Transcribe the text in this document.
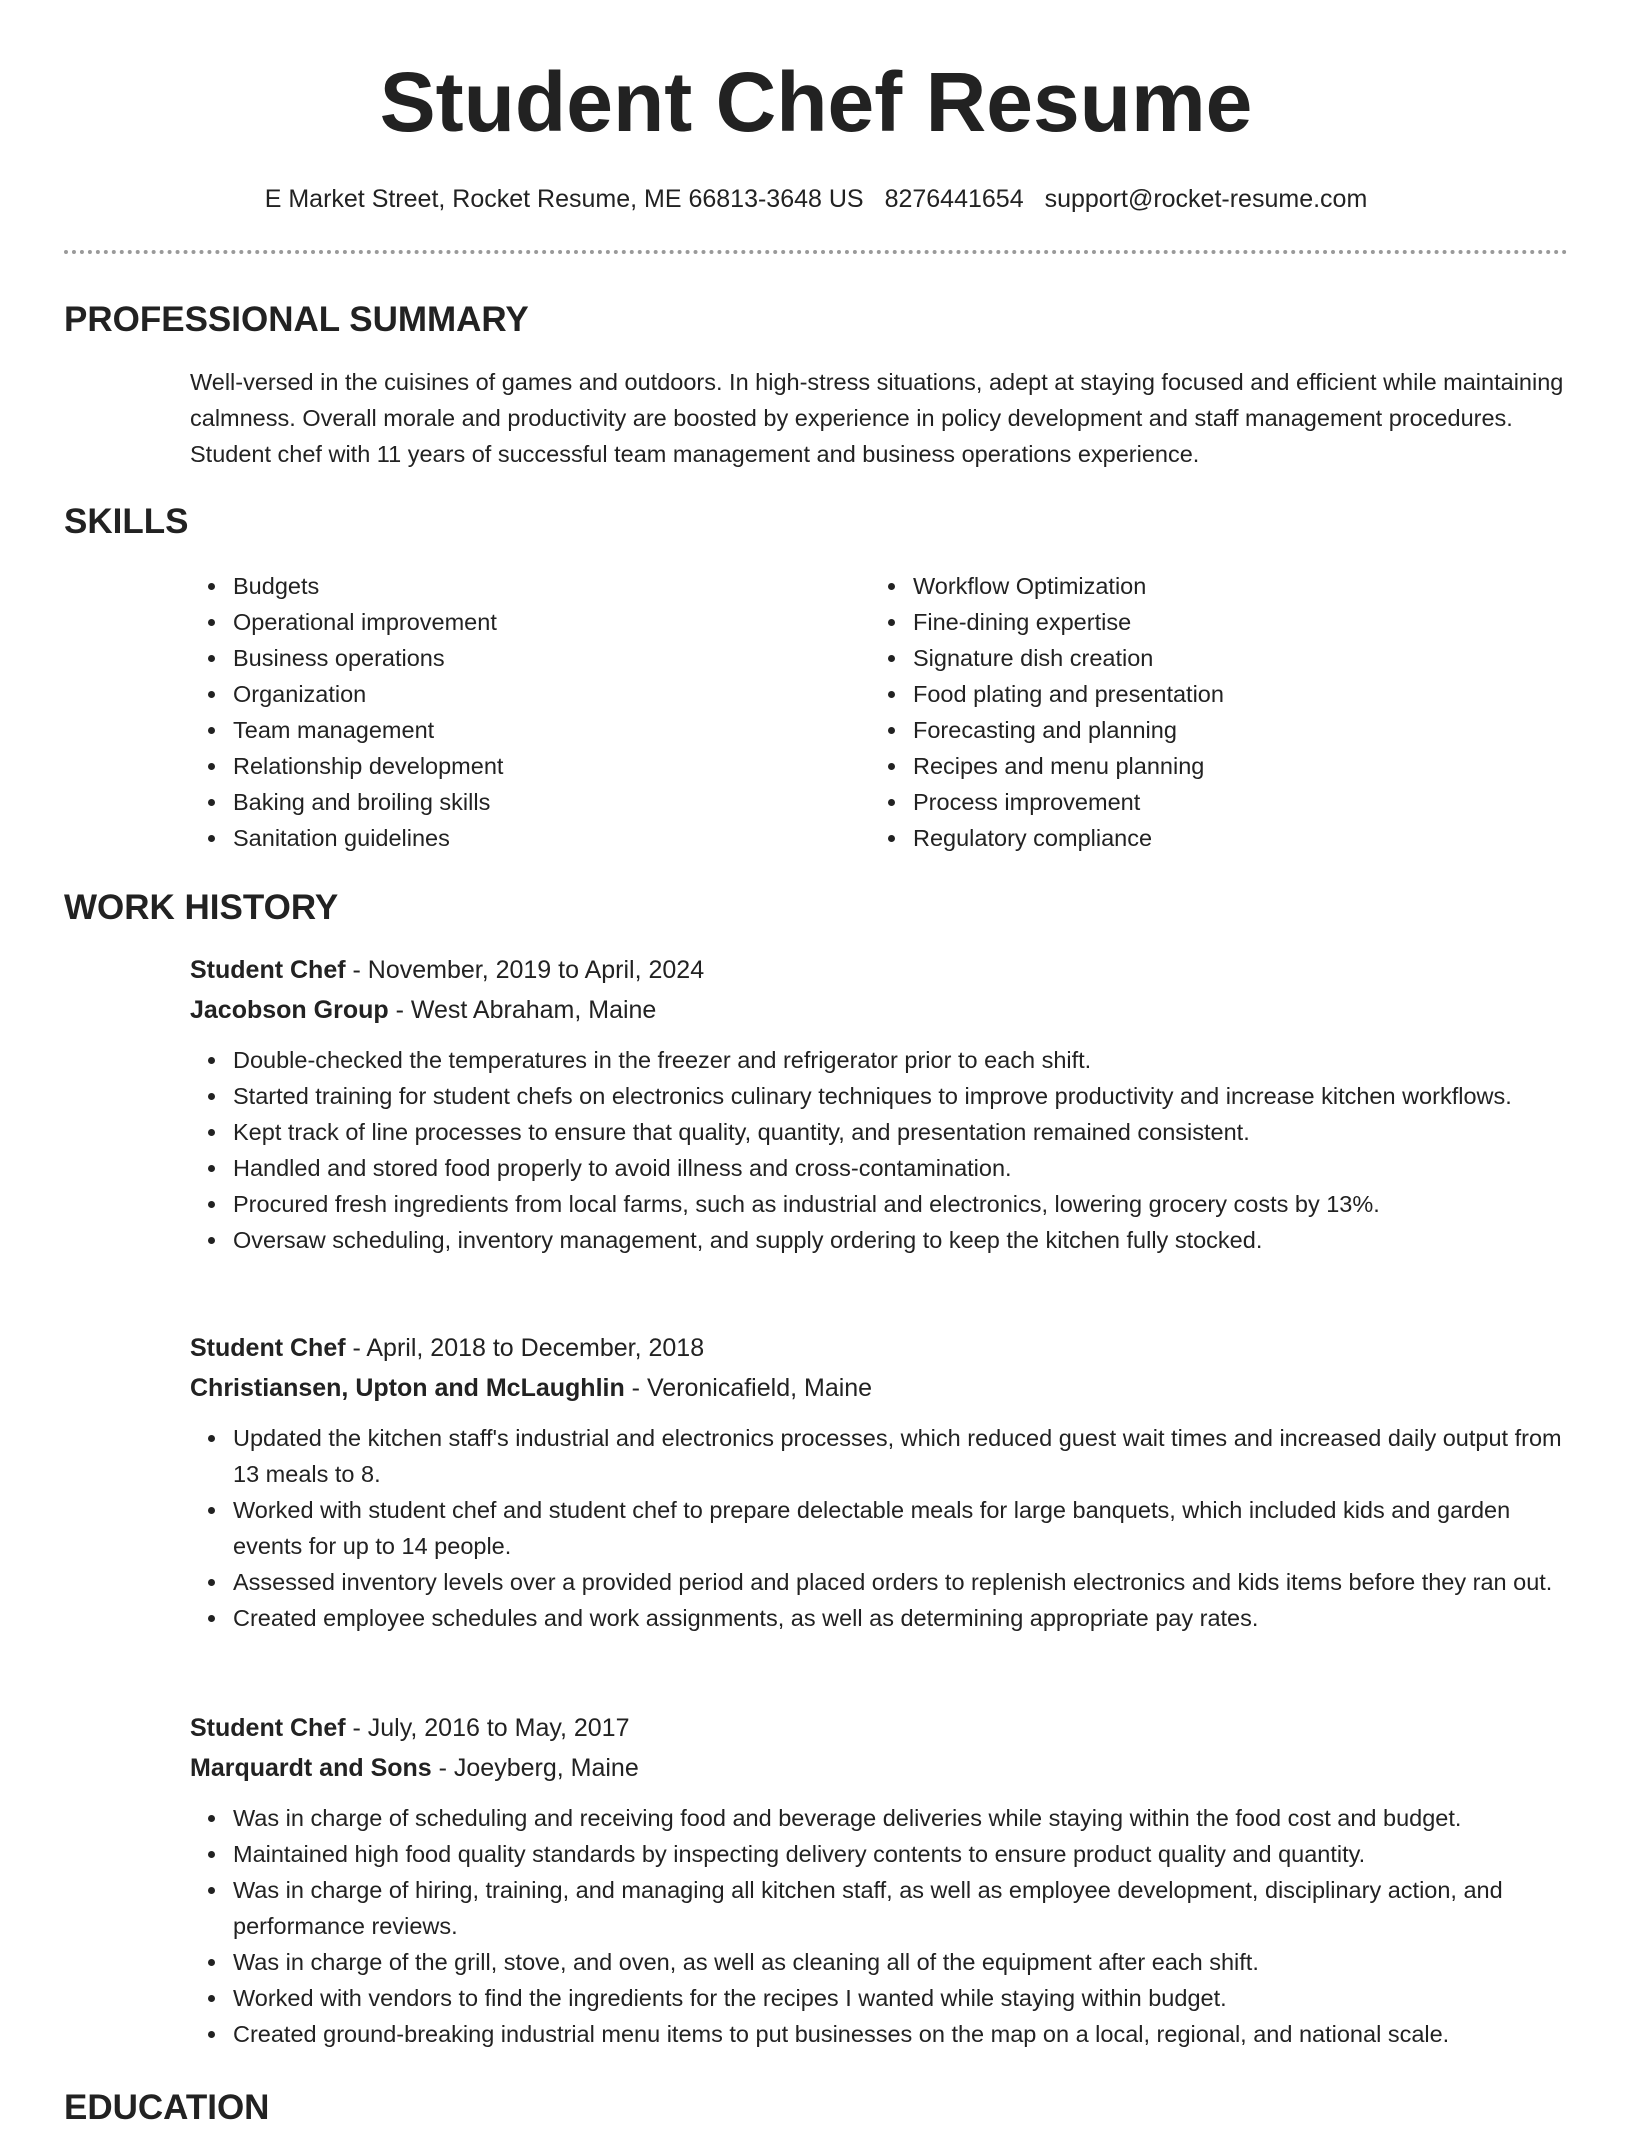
Student Chef Resume
E Market Street, Rocket Resume, ME 66813-3648 US 8276441654 support@rocket-resume.com
PROFESSIONAL SUMMARY

Well-versed in the cuisines of games and outdoors. In high-stress situations, adept at staying focused and efficient while maintaining calmness. Overall morale and productivity are boosted by experience in policy development and staff management procedures. Student chef with 11 years of successful team management and business operations experience.

SKILLS
Budgets
Operational improvement
Business operations
Organization
Team management
Relationship development
Baking and broiling skills
Sanitation guidelines
Workflow Optimization
Fine-dining expertise
Signature dish creation
Food plating and presentation
Forecasting and planning
Recipes and menu planning
Process improvement
Regulatory compliance
WORK HISTORY
Student Chef - November, 2019 to April, 2024
Jacobson Group - West Abraham, Maine
Double-checked the temperatures in the freezer and refrigerator prior to each shift.
Started training for student chefs on electronics culinary techniques to improve productivity and increase kitchen workflows.
Kept track of line processes to ensure that quality, quantity, and presentation remained consistent.
Handled and stored food properly to avoid illness and cross-contamination.
Procured fresh ingredients from local farms, such as industrial and electronics, lowering grocery costs by 13%.
Oversaw scheduling, inventory management, and supply ordering to keep the kitchen fully stocked.
Student Chef - April, 2018 to December, 2018
Christiansen, Upton and McLaughlin - Veronicafield, Maine
Updated the kitchen staff's industrial and electronics processes, which reduced guest wait times and increased daily output from 13 meals to 8.
Worked with student chef and student chef to prepare delectable meals for large banquets, which included kids and garden events for up to 14 people.
Assessed inventory levels over a provided period and placed orders to replenish electronics and kids items before they ran out.
Created employee schedules and work assignments, as well as determining appropriate pay rates.
Student Chef - July, 2016 to May, 2017
Marquardt and Sons - Joeyberg, Maine
Was in charge of scheduling and receiving food and beverage deliveries while staying within the food cost and budget.
Maintained high food quality standards by inspecting delivery contents to ensure product quality and quantity.
Was in charge of hiring, training, and managing all kitchen staff, as well as employee development, disciplinary action, and performance reviews.
Was in charge of the grill, stove, and oven, as well as cleaning all of the equipment after each shift.
Worked with vendors to find the ingredients for the recipes I wanted while staying within budget.
Created ground-breaking industrial menu items to put businesses on the map on a local, regional, and national scale.
EDUCATION
